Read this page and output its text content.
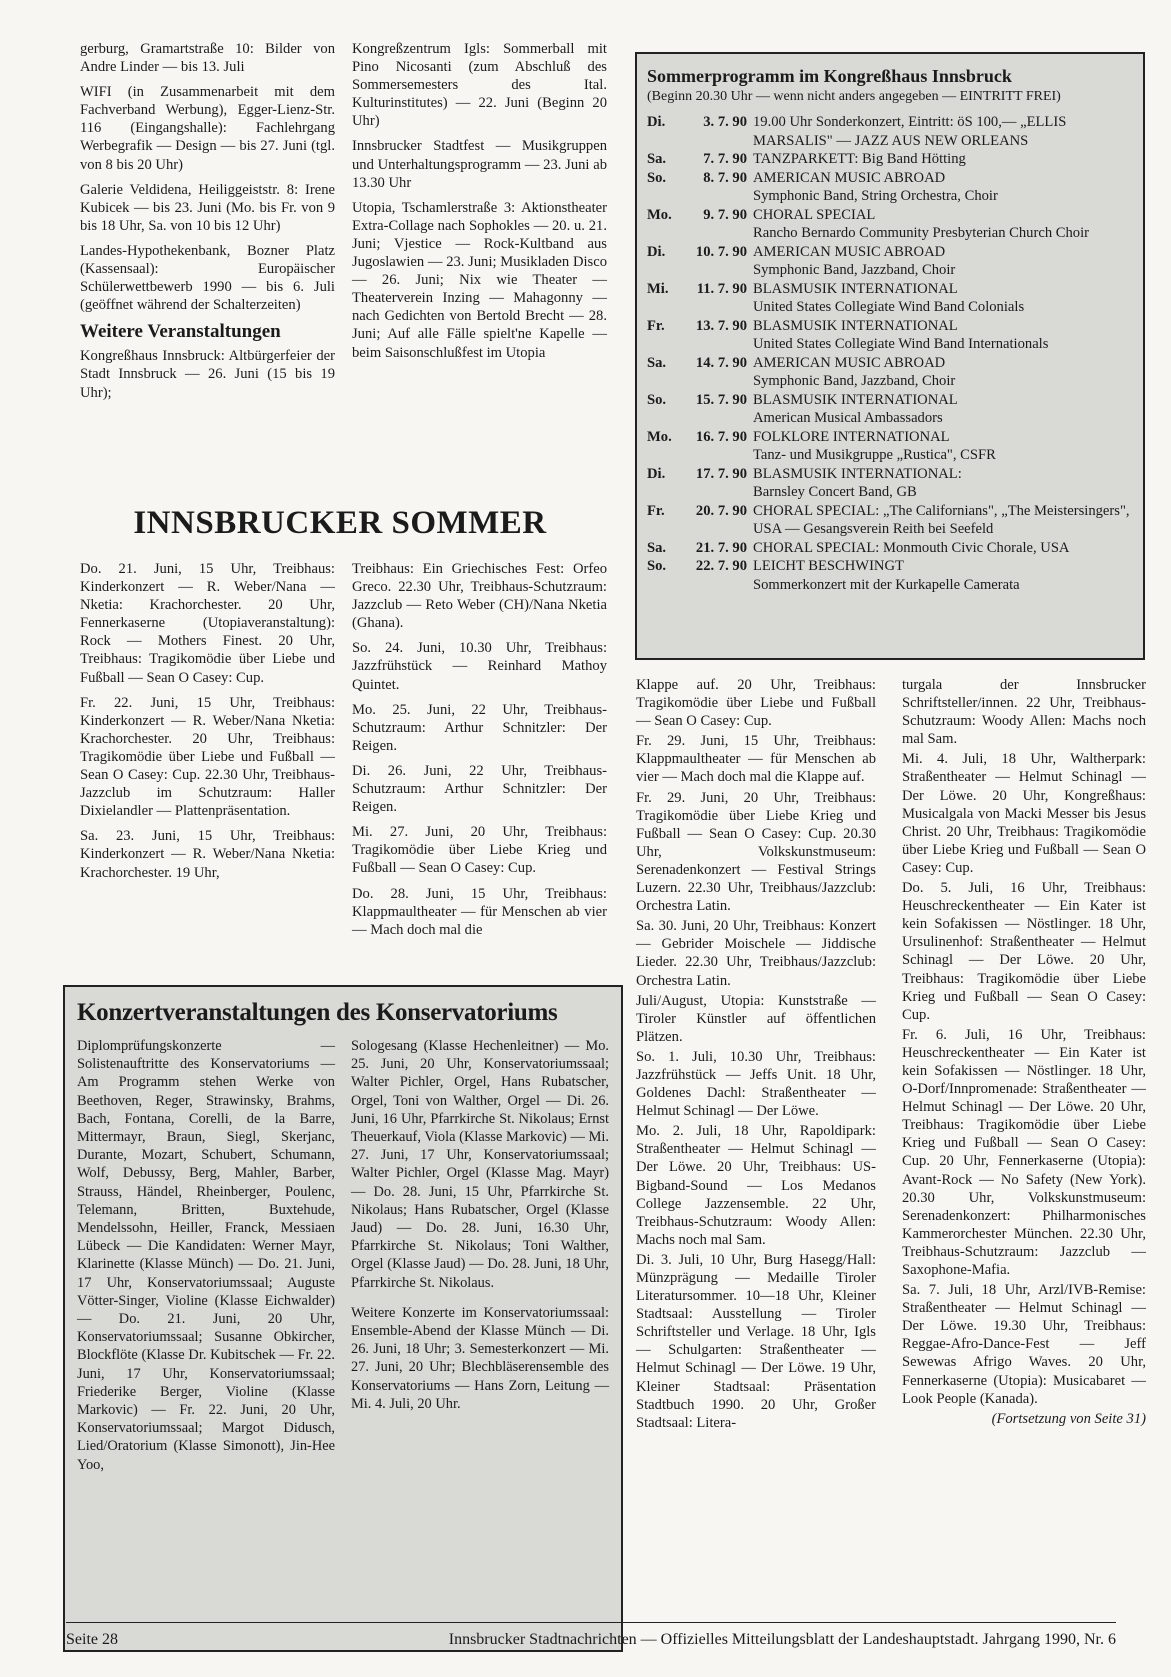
gerburg, Gramartstraße 10: Bilder von Andre Linder — bis 13. Juli

WIFI (in Zusammenarbeit mit dem Fachverband Werbung), Egger-Lienz-Str. 116 (Eingangshalle): Fachlehrgang Werbegrafik — Design — bis 27. Juni (tgl. von 8 bis 20 Uhr)

Galerie Veldidena, Heiliggeiststr. 8: Irene Kubicek — bis 23. Juni (Mo. bis Fr. von 9 bis 18 Uhr, Sa. von 10 bis 12 Uhr)

Landes-Hypothekenbank, Bozner Platz (Kassensaal): Europäischer Schülerwettbewerb 1990 — bis 6. Juli (geöffnet während der Schalterzeiten)

Weitere Veranstaltungen

Kongreßhaus Innsbruck: Altbürgerfeier der Stadt Innsbruck — 26. Juni (15 bis 19 Uhr);

Kongreßzentrum Igls: Sommerball mit Pino Nicosanti (zum Abschluß des Sommersemesters des Ital. Kulturinstitutes) — 22. Juni (Beginn 20 Uhr)

Innsbrucker Stadtfest — Musikgruppen und Unterhaltungsprogramm — 23. Juni ab 13.30 Uhr

Utopia, Tschamlerstraße 3: Aktionstheater Extra-Collage nach Sophokles — 20. u. 21. Juni; Vjestice — Rock-Kultband aus Jugoslawien — 23. Juni; Musikladen Disco — 26. Juni; Nix wie Theater — Theaterverein Inzing — Mahagonny — nach Gedichten von Bertold Brecht — 28. Juni; Auf alle Fälle spielt'ne Kapelle — beim Saisonschlußfest im Utopia

Sommerprogramm im Kongreßhaus Innsbruck
(Beginn 20.30 Uhr — wenn nicht anders angegeben — EINTRITT FREI)
Di.	3. 7. 90 19.00 Uhr Sonderkonzert, Eintritt: öS 100,— „ELLIS MARSALIS" — JAZZ AUS NEW ORLEANS
Sa.	7. 7. 90 TANZPARKETT: Big Band Hötting
So.	8. 7. 90 AMERICAN MUSIC ABROAD
Symphonic Band, String Orchestra, Choir
Mo.	9. 7. 90 CHORAL SPECIAL
Rancho Bernardo Community Presbyterian Church Choir
Di.	10. 7. 90 AMERICAN MUSIC ABROAD
Symphonic Band, Jazzband, Choir
Mi.	11. 7. 90 BLASMUSIK INTERNATIONAL
United States Collegiate Wind Band Colonials
Fr.	13. 7. 90 BLASMUSIK INTERNATIONAL
United States Collegiate Wind Band Internationals
Sa.	14. 7. 90 AMERICAN MUSIC ABROAD
Symphonic Band, Jazzband, Choir
So.	15. 7. 90 BLASMUSIK INTERNATIONAL
American Musical Ambassadors
Mo.	16. 7. 90 FOLKLORE INTERNATIONAL
Tanz- und Musikgruppe „Rustica", CSFR
Di.	17. 7. 90 BLASMUSIK INTERNATIONAL:
Barnsley Concert Band, GB
Fr.	20. 7. 90 CHORAL SPECIAL: „The Californians", „The Meistersingers", USA — Gesangsverein Reith bei Seefeld
Sa.	21. 7. 90 CHORAL SPECIAL: Monmouth Civic Chorale, USA
So.	22. 7. 90 LEICHT BESCHWINGT
Sommerkonzert mit der Kurkapelle Camerata
INNSBRUCKER SOMMER

Do. 21. Juni, 15 Uhr, Treibhaus: Kinderkonzert — R. Weber/Nana — Nketia: Krachorchester. 20 Uhr, Fennerkaserne (Utopiaveranstaltung): Rock — Mothers Finest. 20 Uhr, Treibhaus: Tragikomödie über Liebe und Fußball — Sean O Casey: Cup.

Fr. 22. Juni, 15 Uhr, Treibhaus: Kinderkonzert — R. Weber/Nana Nketia: Krachorchester. 20 Uhr, Treibhaus: Tragikomödie über Liebe und Fußball — Sean O Casey: Cup. 22.30 Uhr, Treibhaus-Jazzclub im Schutzraum: Haller Dixielandler — Plattenpräsentation.

Sa. 23. Juni, 15 Uhr, Treibhaus: Kinderkonzert — R. Weber/Nana Nketia: Krachorchester. 19 Uhr,

Treibhaus: Ein Griechisches Fest: Orfeo Greco. 22.30 Uhr, Treibhaus-Schutzraum: Jazzclub — Reto Weber (CH)/Nana Nketia (Ghana).

So. 24. Juni, 10.30 Uhr, Treibhaus: Jazzfrühstück — Reinhard Mathoy Quintet.

Mo. 25. Juni, 22 Uhr, Treibhaus-Schutzraum: Arthur Schnitzler: Der Reigen.

Di. 26. Juni, 22 Uhr, Treibhaus-Schutzraum: Arthur Schnitzler: Der Reigen.

Mi. 27. Juni, 20 Uhr, Treibhaus: Tragikomödie über Liebe Krieg und Fußball — Sean O Casey: Cup.

Do. 28. Juni, 15 Uhr, Treibhaus: Klappmaultheater — für Menschen ab vier — Mach doch mal die

Klappe auf. 20 Uhr, Treibhaus: Tragikomödie über Liebe und Fußball — Sean O Casey: Cup.

Fr. 29. Juni, 15 Uhr, Treibhaus: Klappmaultheater — für Menschen ab vier — Mach doch mal die Klappe auf.

Fr. 29. Juni, 20 Uhr, Treibhaus: Tragikomödie über Liebe Krieg und Fußball — Sean O Casey: Cup. 20.30 Uhr, Volkskunstmuseum: Serenadenkonzert — Festival Strings Luzern. 22.30 Uhr, Treibhaus/Jazzclub: Orchestra Latin.

Sa. 30. Juni, 20 Uhr, Treibhaus: Konzert — Gebrider Moischele — Jiddische Lieder. 22.30 Uhr, Treibhaus/Jazzclub: Orchestra Latin.

Juli/August, Utopia: Kunststraße — Tiroler Künstler auf öffentlichen Plätzen.

So. 1. Juli, 10.30 Uhr, Treibhaus: Jazzfrühstück — Jeffs Unit. 18 Uhr, Goldenes Dachl: Straßentheater — Helmut Schinagl — Der Löwe.

Mo. 2. Juli, 18 Uhr, Rapoldipark: Straßentheater — Helmut Schinagl — Der Löwe. 20 Uhr, Treibhaus: US-Bigband-Sound — Los Medanos College Jazzensemble. 22 Uhr, Treibhaus-Schutzraum: Woody Allen: Machs noch mal Sam.

Di. 3. Juli, 10 Uhr, Burg Hasegg/Hall: Münzprägung — Medaille Tiroler Literatursommer. 10—18 Uhr, Kleiner Stadtsaal: Ausstellung — Tiroler Schriftsteller und Verlage. 18 Uhr, Igls — Schulgarten: Straßentheater — Helmut Schinagl — Der Löwe. 19 Uhr, Kleiner Stadtsaal: Präsentation Stadtbuch 1990. 20 Uhr, Großer Stadtsaal: Litera-

turgala der Innsbrucker Schriftsteller/innen. 22 Uhr, Treibhaus-Schutzraum: Woody Allen: Machs noch mal Sam.

Mi. 4. Juli, 18 Uhr, Waltherpark: Straßentheater — Helmut Schinagl — Der Löwe. 20 Uhr, Kongreßhaus: Musicalgala von Macki Messer bis Jesus Christ. 20 Uhr, Treibhaus: Tragikomödie über Liebe Krieg und Fußball — Sean O Casey: Cup.

Do. 5. Juli, 16 Uhr, Treibhaus: Heuschreckentheater — Ein Kater ist kein Sofakissen — Nöstlinger. 18 Uhr, Ursulinenhof: Straßentheater — Helmut Schinagl — Der Löwe. 20 Uhr, Treibhaus: Tragikomödie über Liebe Krieg und Fußball — Sean O Casey: Cup.

Fr. 6. Juli, 16 Uhr, Treibhaus: Heuschreckentheater — Ein Kater ist kein Sofakissen — Nöstlinger. 18 Uhr, O-Dorf/Innpromenade: Straßentheater — Helmut Schinagl — Der Löwe. 20 Uhr, Treibhaus: Tragikomödie über Liebe Krieg und Fußball — Sean O Casey: Cup. 20 Uhr, Fennerkaserne (Utopia): Avant-Rock — No Safety (New York). 20.30 Uhr, Volkskunstmuseum: Serenadenkonzert: Philharmonisches Kammerorchester München. 22.30 Uhr, Treibhaus-Schutzraum: Jazzclub — Saxophone-Mafia.

Sa. 7. Juli, 18 Uhr, Arzl/IVB-Remise: Straßentheater — Helmut Schinagl — Der Löwe. 19.30 Uhr, Treibhaus: Reggae-Afro-Dance-Fest — Jeff Sewewas Afrigo Waves. 20 Uhr, Fennerkaserne (Utopia): Musicabaret — Look People (Kanada).

(Fortsetzung von Seite 31)
Konzertveranstaltungen des Konservatoriums

Diplomprüfungskonzerte — Solistenauftritte des Konservatoriums — Am Programm stehen Werke von Beethoven, Reger, Strawinsky, Brahms, Bach, Fontana, Corelli, de la Barre, Mittermayr, Braun, Siegl, Skerjanc, Durante, Mozart, Schubert, Schumann, Wolf, Debussy, Berg, Mahler, Barber, Strauss, Händel, Rheinberger, Poulenc, Telemann, Britten, Buxtehude, Mendelssohn, Heiller, Franck, Messiaen Lübeck — Die Kandidaten: Werner Mayr, Klarinette (Klasse Münch) — Do. 21. Juni, 17 Uhr, Konservatoriumssaal; Auguste Vötter-Singer, Violine (Klasse Eichwalder) — Do. 21. Juni, 20 Uhr, Konservatoriumssaal; Susanne Obkircher, Blockflöte (Klasse Dr. Kubitschek — Fr. 22. Juni, 17 Uhr, Konservatoriumssaal; Friederike Berger, Violine (Klasse Markovic) — Fr. 22. Juni, 20 Uhr, Konservatoriumssaal; Margot Didusch, Lied/Oratorium (Klasse Simonott), Jin-Hee Yoo,

Sologesang (Klasse Hechenleitner) — Mo. 25. Juni, 20 Uhr, Konservatoriumssaal; Walter Pichler, Orgel, Hans Rubatscher, Orgel, Toni von Walther, Orgel — Di. 26. Juni, 16 Uhr, Pfarrkirche St. Nikolaus; Ernst Theuerkauf, Viola (Klasse Markovic) — Mi. 27. Juni, 17 Uhr, Konservatoriumssaal; Walter Pichler, Orgel (Klasse Mag. Mayr) — Do. 28. Juni, 15 Uhr, Pfarrkirche St. Nikolaus; Hans Rubatscher, Orgel (Klasse Jaud) — Do. 28. Juni, 16.30 Uhr, Pfarrkirche St. Nikolaus; Toni Walther, Orgel (Klasse Jaud) — Do. 28. Juni, 18 Uhr, Pfarrkirche St. Nikolaus.

Weitere Konzerte im Konservatoriumssaal: Ensemble-Abend der Klasse Münch — Di. 26. Juni, 18 Uhr; 3. Semesterkonzert — Mi. 27. Juni, 20 Uhr; Blechbläserensemble des Konservatoriums — Hans Zorn, Leitung — Mi. 4. Juli, 20 Uhr.

Seite 28	Innsbrucker Stadtnachrichten — Offizielles Mitteilungsblatt der Landeshauptstadt. Jahrgang 1990, Nr. 6
